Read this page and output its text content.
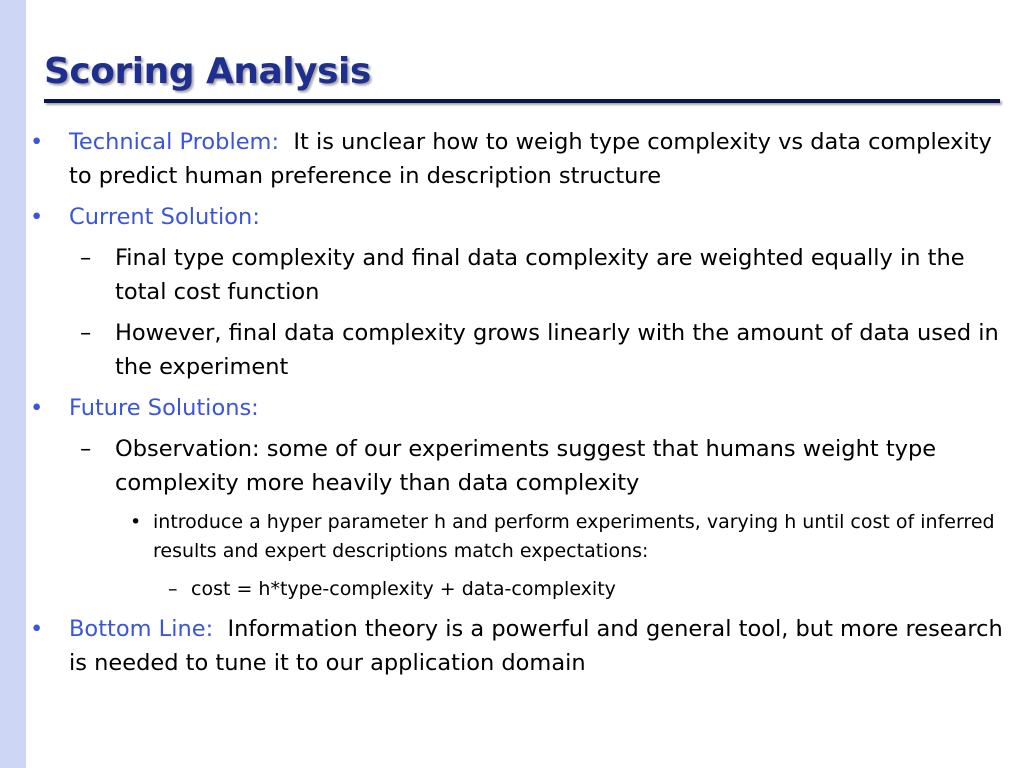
Scoring Analysis
•	Technical Problem: It is unclear how to weigh type complexity vs data complexity to predict human preference in description structure
•	Current Solution:
–	Final type complexity and final data complexity are weighted equally in the total cost function
–	However, final data complexity grows linearly with the amount of data used in the experiment
•	Future Solutions:
–	Observation: some of our experiments suggest that humans weight type complexity more heavily than data complexity
• introduce a hyper parameter h and perform experiments, varying h until cost of inferred results and expert descriptions match expectations:
– cost = h*type-complexity + data-complexity
•	Bottom Line: Information theory is a powerful and general tool, but more research is needed to tune it to our application domain
